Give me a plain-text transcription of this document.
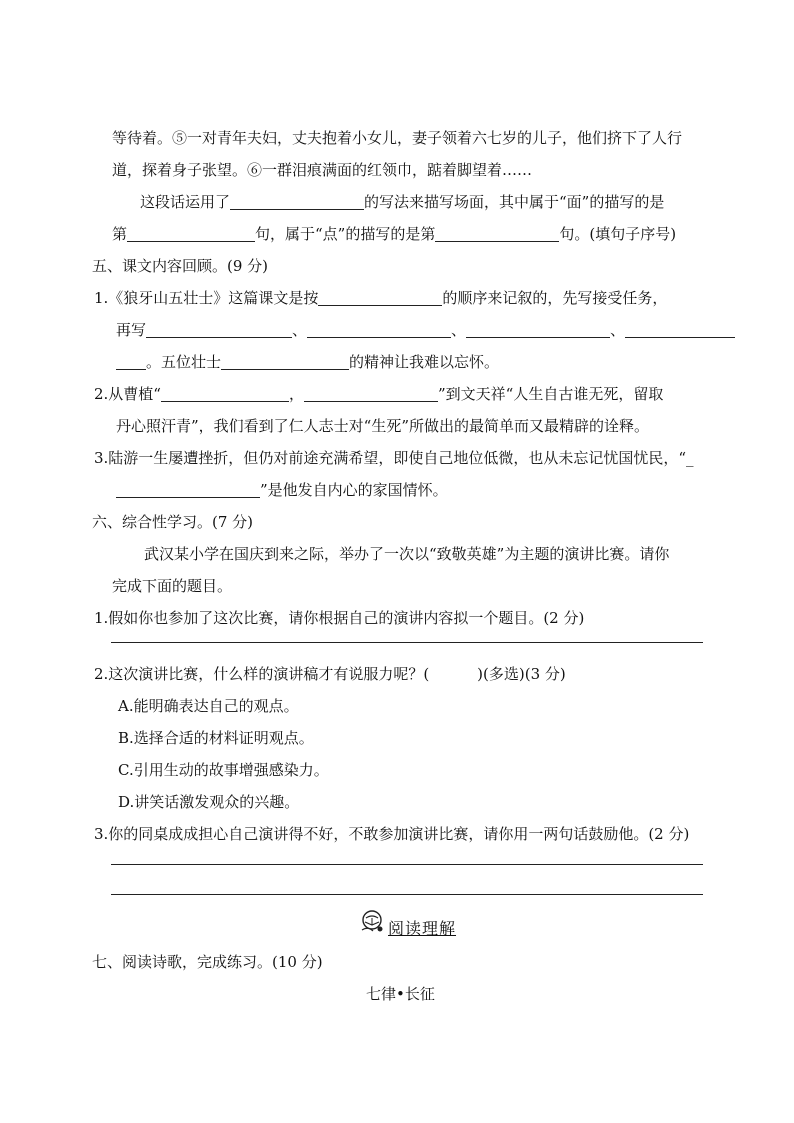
等待着。⑤一对青年夫妇，丈夫抱着小女儿，妻子领着六七岁的儿子，他们挤下了人行
道，探着身子张望。⑥一群泪痕满面的红领巾，踮着脚望着……
这段话运用了	的写法来描写场面，其中属于“面”的描写的是
第	句，属于“点”的描写的是第	句。(填句子序号)
五、课文内容回顾。(9 分)
1.《狼牙山五壮士》这篇课文是按	的顺序来记叙的，先写接受任务，
再写	、	、	、
。五位壮士	的精神让我难以忘怀。
2.从曹植“	，	”到文天祥“人生自古谁无死，留取
丹心照汗青”，我们看到了仁人志士对“生死”所做出的最简单而又最精辟的诠释。
3.陆游一生屡遭挫折，但仍对前途充满希望，即使自己地位低微，也从未忘记忧国忧民，“_
”是他发自内心的家国情怀。
六、综合性学习。(7 分)
武汉某小学在国庆到来之际，举办了一次以“致敬英雄”为主题的演讲比赛。请你
完成下面的题目。
1.假如你也参加了这次比赛，请你根据自己的演讲内容拟一个题目。(2 分)
2.这次演讲比赛，什么样的演讲稿才有说服力呢？(	)(多选)(3 分)
A.能明确表达自己的观点。
B.选择合适的材料证明观点。
C.引用生动的故事增强感染力。
D.讲笑话激发观众的兴趣。
3.你的同桌成成担心自己演讲得不好，不敢参加演讲比赛，请你用一两句话鼓励他。(2 分)
阅读理解
七、阅读诗歌，完成练习。(10 分)
七律•长征
